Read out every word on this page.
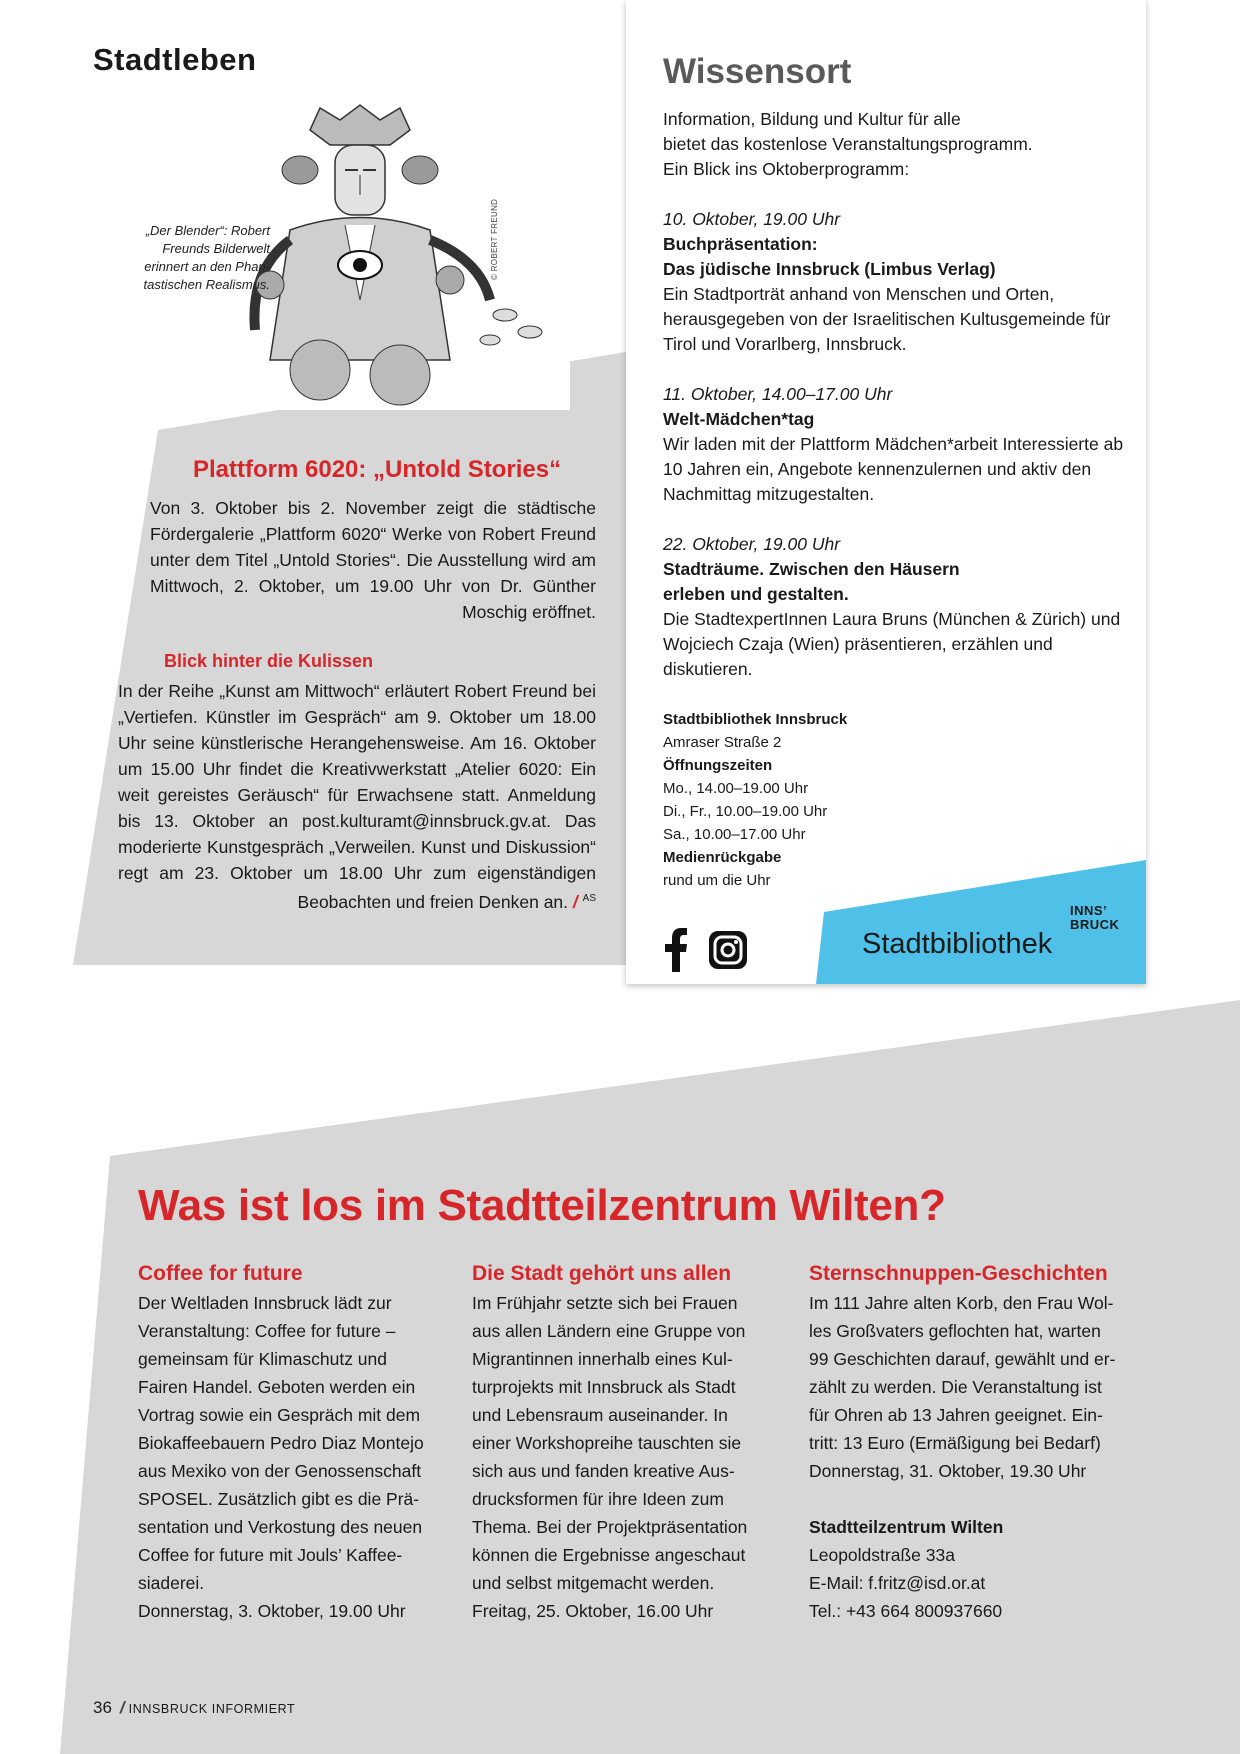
Stadtleben
„Der Blender“: Robert Freunds Bilderwelt erinnert an den Phan-tastischen Realismus.
© ROBERT FREUND
Plattform 6020: „Untold Stories“

Von 3. Oktober bis 2. November zeigt die städtische Fördergalerie „Plattform 6020“ Werke von Robert Freund unter dem Titel „Untold Stories“. Die Ausstellung wird am Mittwoch, 2. Oktober, um 19.00 Uhr von Dr. Günther Moschig eröffnet.

Blick hinter die Kulissen

In der Reihe „Kunst am Mittwoch“ erläutert Robert Freund bei „Vertiefen. Künstler im Gespräch“ am 9. Oktober um 18.00 Uhr seine künstlerische Herangehensweise. Am 16. Oktober um 15.00 Uhr findet die Kreativwerkstatt „Atelier 6020: Ein weit gereistes Geräusch“ für Erwachsene statt. Anmeldung bis 13. Oktober an post.kulturamt@innsbruck.gv.at. Das moderierte Kunstgespräch „Verweilen. Kunst und Diskussion“ regt am 23. Oktober um 18.00 Uhr zum eigenständigen Beobachten und freien Denken an. / $^{AS}$

Wissensort

Information, Bildung und Kultur für alle

bietet das kostenlose Veranstaltungsprogramm.

Ein Blick ins Oktoberprogramm:

10. Oktober, 19.00 Uhr

Buchpräsentation:

Das jüdische Innsbruck (Limbus Verlag)

Ein Stadtporträt anhand von Menschen und Orten, herausgegeben von der Israelitischen Kultusgemeinde für Tirol und Vorarlberg, Innsbruck.

11. Oktober, 14.00–17.00 Uhr

Welt-Mädchen*tag

Wir laden mit der Plattform Mädchen*arbeit Interessierte ab 10 Jahren ein, Angebote kennenzulernen und aktiv den Nachmittag mitzugestalten.

22. Oktober, 19.00 Uhr

Stadträume. Zwischen den Häusern

erleben und gestalten.

Die StadtexpertInnen Laura Bruns (München & Zürich) und Wojciech Czaja (Wien) präsentieren, erzählen und diskutieren.

Stadtbibliothek Innsbruck

Amraser Straße 2

Öffnungszeiten

Mo., 14.00–19.00 Uhr

Di., Fr., 10.00–19.00 Uhr

Sa., 10.00–17.00 Uhr

Medienrückgabe

rund um die Uhr

Stadtbibliothek
INNS’
BRUCK
Was ist los im Stadtteilzentrum Wilten?
Coffee for future

Der Weltladen Innsbruck lädt zur

Veranstaltung: Coffee for future –

gemeinsam für Klimaschutz und

Fairen Handel. Geboten werden ein

Vortrag sowie ein Gespräch mit dem

Biokaffeebauern Pedro Diaz Montejo

aus Mexiko von der Genossenschaft

SPOSEL. Zusätzlich gibt es die Prä-

sentation und Verkostung des neuen

Coffee for future mit Jouls’ Kaffee-

siaderei.

Donnerstag, 3. Oktober, 19.00 Uhr

Die Stadt gehört uns allen

Im Frühjahr setzte sich bei Frauen

aus allen Ländern eine Gruppe von

Migrantinnen innerhalb eines Kul-

turprojekts mit Innsbruck als Stadt

und Lebensraum auseinander. In

einer Workshopreihe tauschten sie

sich aus und fanden kreative Aus-

drucksformen für ihre Ideen zum

Thema. Bei der Projektpräsentation

können die Ergebnisse angeschaut

und selbst mitgemacht werden.

Freitag, 25. Oktober, 16.00 Uhr

Sternschnuppen-Geschichten

Im 111 Jahre alten Korb, den Frau Wol-

les Großvaters geflochten hat, warten

99 Geschichten darauf, gewählt und er-

zählt zu werden. Die Veranstaltung ist

für Ohren ab 13 Jahren geeignet. Ein-

tritt: 13 Euro (Ermäßigung bei Bedarf)

Donnerstag, 31. Oktober, 19.30 Uhr

Stadtteilzentrum Wilten

Leopoldstraße 33a

E-Mail: f.fritz@isd.or.at

Tel.: +43 664 800937660

36 / INNSBRUCK INFORMIERT
